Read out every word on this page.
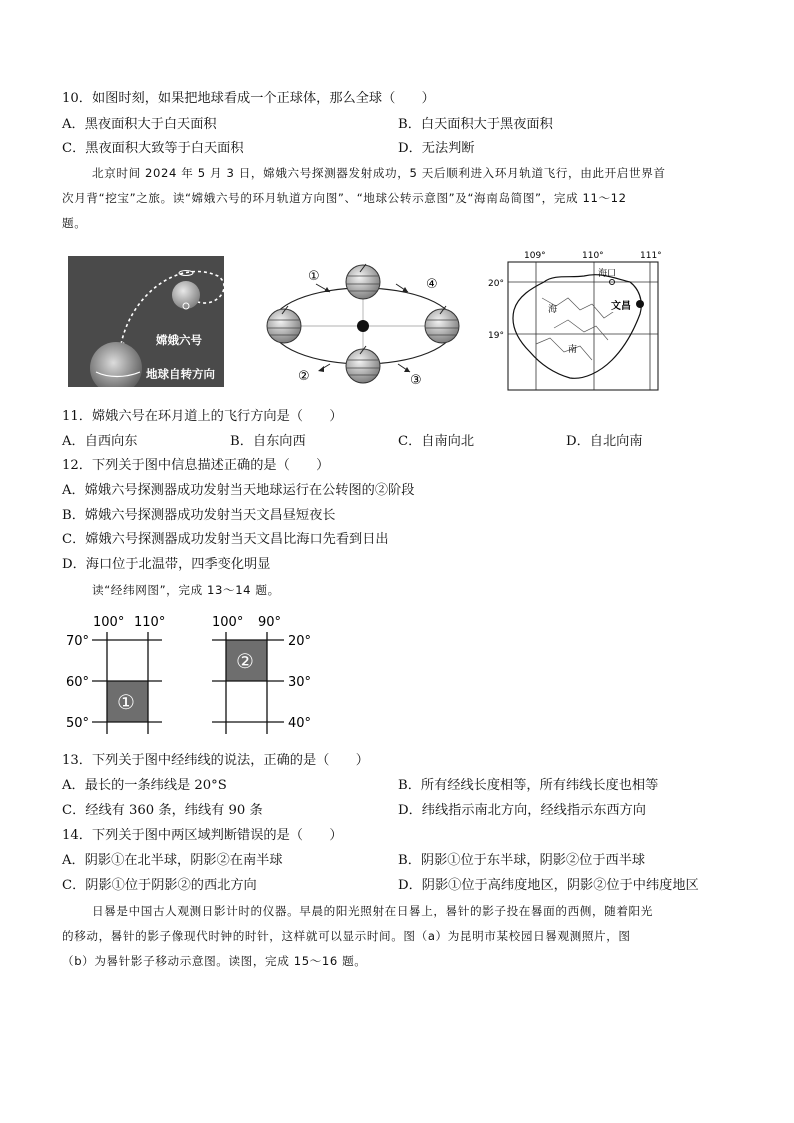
10．如图时刻，如果把地球看成一个正球体，那么全球（　　）
A．黑夜面积大于白天面积	B．白天面积大于黑夜面积
C．黑夜面积大致等于白天面积	D．无法判断
北京时间 2024 年 5 月 3 日，嫦娥六号探测器发射成功，5 天后顺利进入环月轨道飞行，由此开启世界首
次月背“挖宝”之旅。读“嫦娥六号的环月轨道方向图”、“地球公转示意图”及“海南岛简图”，完成 11～12
题。
嫦娥六号
地球自转方向
①
④
②	③
109°	110°	111°
20°
19°
海
南
海口
文昌
11．嫦娥六号在环月道上的飞行方向是（　　）
A．自西向东	B．自东向西	C．自南向北	D．自北向南
12．下列关于图中信息描述正确的是（　　）
A．嫦娥六号探测器成功发射当天地球运行在公转图的②阶段
B．嫦娥六号探测器成功发射当天文昌昼短夜长
C．嫦娥六号探测器成功发射当天文昌比海口先看到日出
D．海口位于北温带，四季变化明显
读“经纬网图”，完成 13～14 题。
100° 110°
70°
60°
50°
①
100° 90°
20°
30°
40°
②
13．下列关于图中经纬线的说法，正确的是（　　）
A．最长的一条纬线是 20°S	B．所有经线长度相等，所有纬线长度也相等
C．经线有 360 条，纬线有 90 条	D．纬线指示南北方向，经线指示东西方向
14．下列关于图中两区域判断错误的是（　　）
A．阴影①在北半球，阴影②在南半球	B．阴影①位于东半球，阴影②位于西半球
C．阴影①位于阴影②的西北方向	D．阴影①位于高纬度地区，阴影②位于中纬度地区
日晷是中国古人观测日影计时的仪器。早晨的阳光照射在日晷上，晷针的影子投在晷面的西侧，随着阳光
的移动，晷针的影子像现代时钟的时针，这样就可以显示时间。图（a）为昆明市某校园日晷观测照片，图
（b）为晷针影子移动示意图。读图，完成 15～16 题。
